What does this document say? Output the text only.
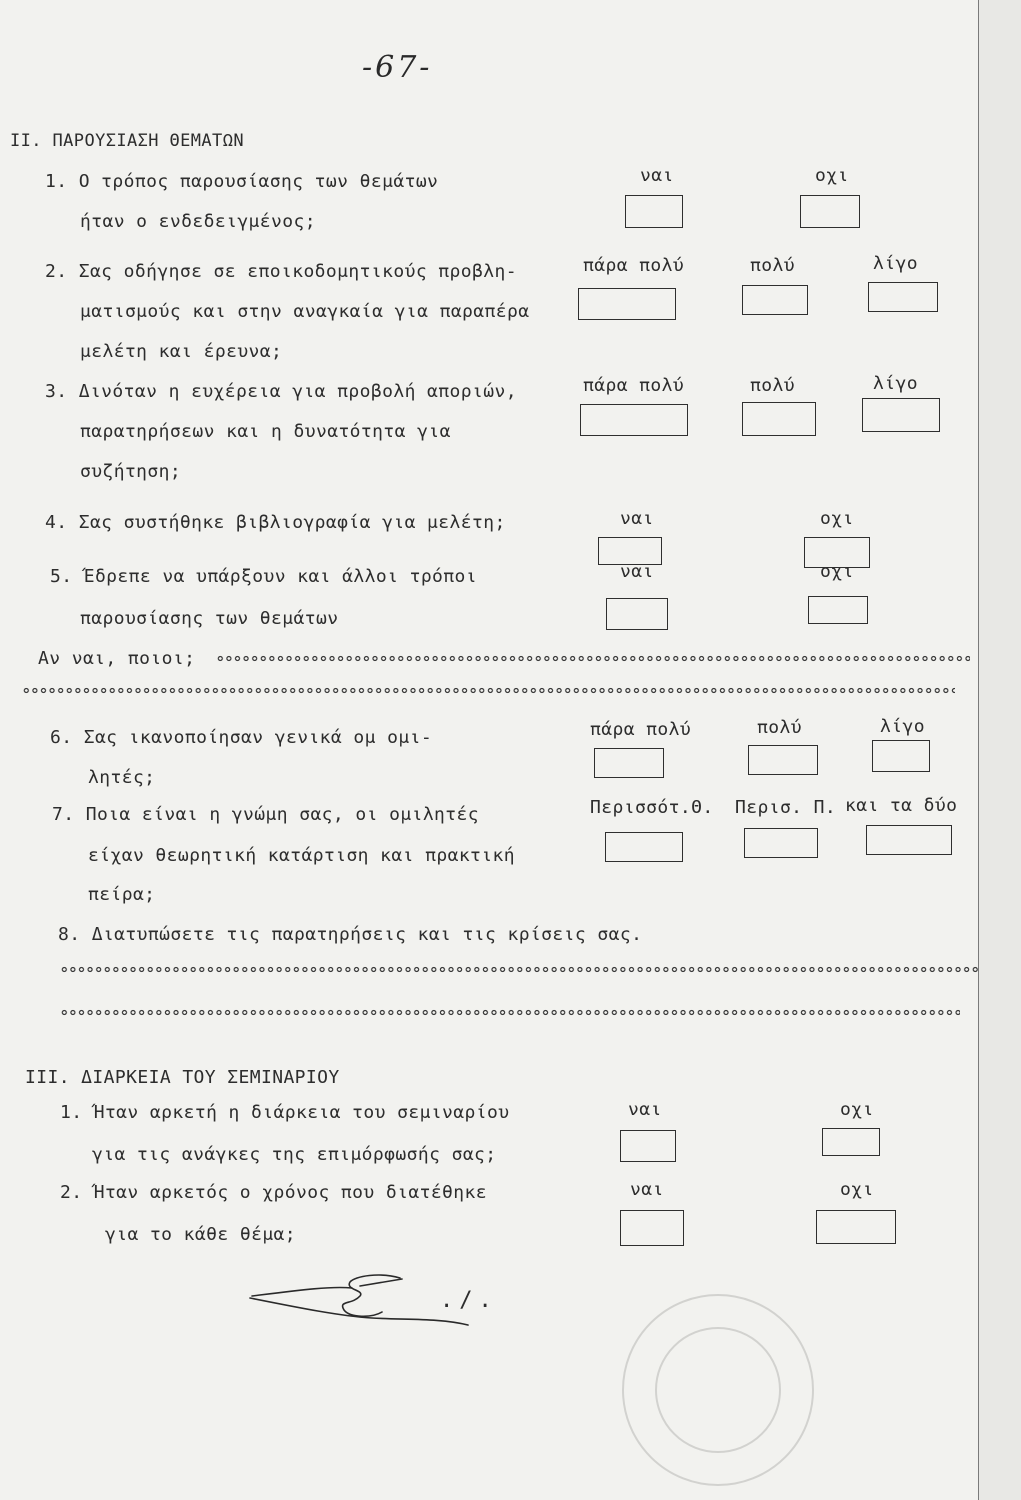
-67-
II. ΠΑΡΟΥΣΙΑΣΗ ΘΕΜΑΤΩΝ
1. Ο τρόπος παρουσίασης των θεμάτων
ήταν ο ενδεδειγμένος;
ναι	οχι
2. Σας οδήγησε σε εποικοδομητικούς προβλη-
ματισμούς και στην αναγκαία για παραπέρα
μελέτη και έρευνα;
πάρα πολύ	πολύ	λίγο
3. Δινόταν η ευχέρεια για προβολή αποριών,
παρατηρήσεων και η δυνατότητα για
συζήτηση;
πάρα πολύ	πολύ	λίγο
4. Σας συστήθηκε βιβλιογραφία για μελέτη;	ναι	οχι
5. Έδρεπε να υπάρξουν και άλλοι τρόποι
παρουσίασης των θεμάτων
ναι	οχι
Αν ναι, ποιοι;
6. Σας ικανοποίησαν γενικά ομ ομι-
λητές;
πάρα πολύ	πολύ	λίγο
7. Ποια είναι η γνώμη σας, οι ομιλητές
είχαν θεωρητική κατάρτιση και πρακτική
πείρα;
Περισσότ.Θ. Περισ. Π. και τα δύο
8. Διατυπώσετε τις παρατηρήσεις και τις κρίσεις σας.
III. ΔΙΑΡΚΕΙΑ ΤΟΥ ΣΕΜΙΝΑΡΙΟΥ
1. Ήταν αρκετή η διάρκεια του σεμιναρίου
για τις ανάγκες της επιμόρφωσής σας;
ναι	οχι
2. Ήταν αρκετός ο χρόνος που διατέθηκε
για το κάθε θέμα;
ναι	οχι
./.
